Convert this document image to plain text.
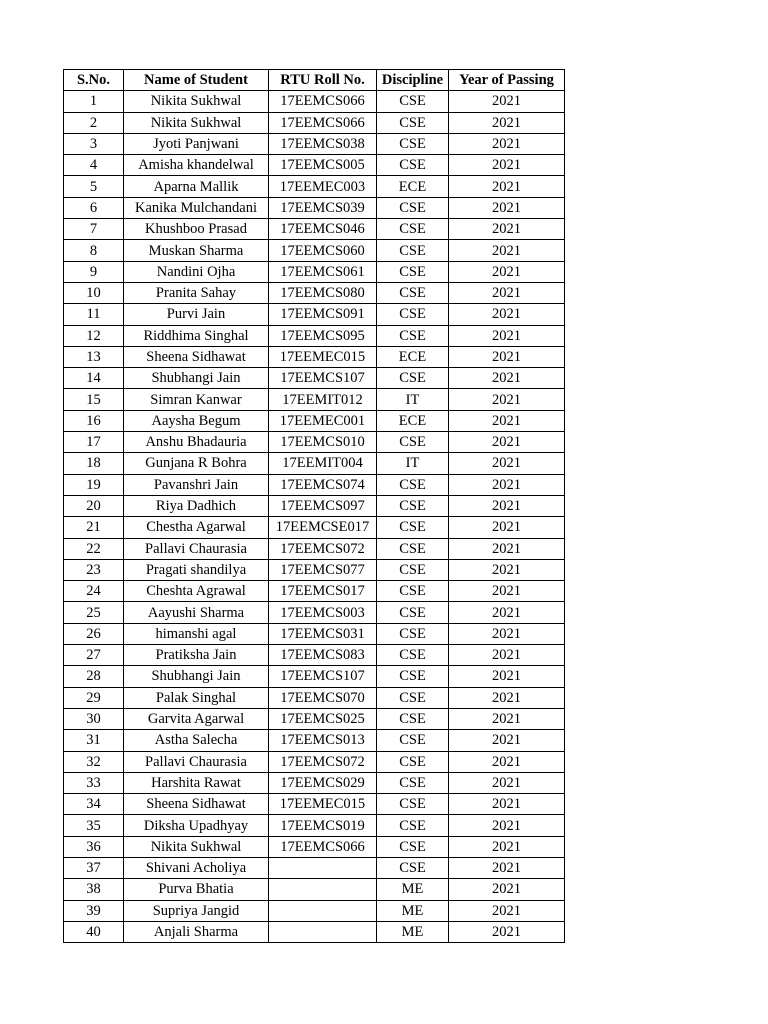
S.No.	Name of Student	RTU Roll No.	Discipline	Year of Passing
1	Nikita Sukhwal	17EEMCS066	CSE	2021
2	Nikita Sukhwal	17EEMCS066	CSE	2021
3	Jyoti Panjwani	17EEMCS038	CSE	2021
4	Amisha khandelwal	17EEMCS005	CSE	2021
5	Aparna Mallik	17EEMEC003	ECE	2021
6	Kanika Mulchandani	17EEMCS039	CSE	2021
7	Khushboo Prasad	17EEMCS046	CSE	2021
8	Muskan Sharma	17EEMCS060	CSE	2021
9	Nandini Ojha	17EEMCS061	CSE	2021
10	Pranita Sahay	17EEMCS080	CSE	2021
11	Purvi Jain	17EEMCS091	CSE	2021
12	Riddhima Singhal	17EEMCS095	CSE	2021
13	Sheena Sidhawat	17EEMEC015	ECE	2021
14	Shubhangi Jain	17EEMCS107	CSE	2021
15	Simran Kanwar	17EEMIT012	IT	2021
16	Aaysha Begum	17EEMEC001	ECE	2021
17	Anshu Bhadauria	17EEMCS010	CSE	2021
18	Gunjana R Bohra	17EEMIT004	IT	2021
19	Pavanshri Jain	17EEMCS074	CSE	2021
20	Riya Dadhich	17EEMCS097	CSE	2021
21	Chestha Agarwal	17EEMCSE017	CSE	2021
22	Pallavi Chaurasia	17EEMCS072	CSE	2021
23	Pragati shandilya	17EEMCS077	CSE	2021
24	Cheshta Agrawal	17EEMCS017	CSE	2021
25	Aayushi Sharma	17EEMCS003	CSE	2021
26	himanshi agal	17EEMCS031	CSE	2021
27	Pratiksha Jain	17EEMCS083	CSE	2021
28	Shubhangi Jain	17EEMCS107	CSE	2021
29	Palak Singhal	17EEMCS070	CSE	2021
30	Garvita Agarwal	17EEMCS025	CSE	2021
31	Astha Salecha	17EEMCS013	CSE	2021
32	Pallavi Chaurasia	17EEMCS072	CSE	2021
33	Harshita Rawat	17EEMCS029	CSE	2021
34	Sheena Sidhawat	17EEMEC015	CSE	2021
35	Diksha Upadhyay	17EEMCS019	CSE	2021
36	Nikita Sukhwal	17EEMCS066	CSE	2021
37	Shivani Acholiya		CSE	2021
38	Purva Bhatia		ME	2021
39	Supriya Jangid		ME	2021
40	Anjali Sharma		ME	2021
